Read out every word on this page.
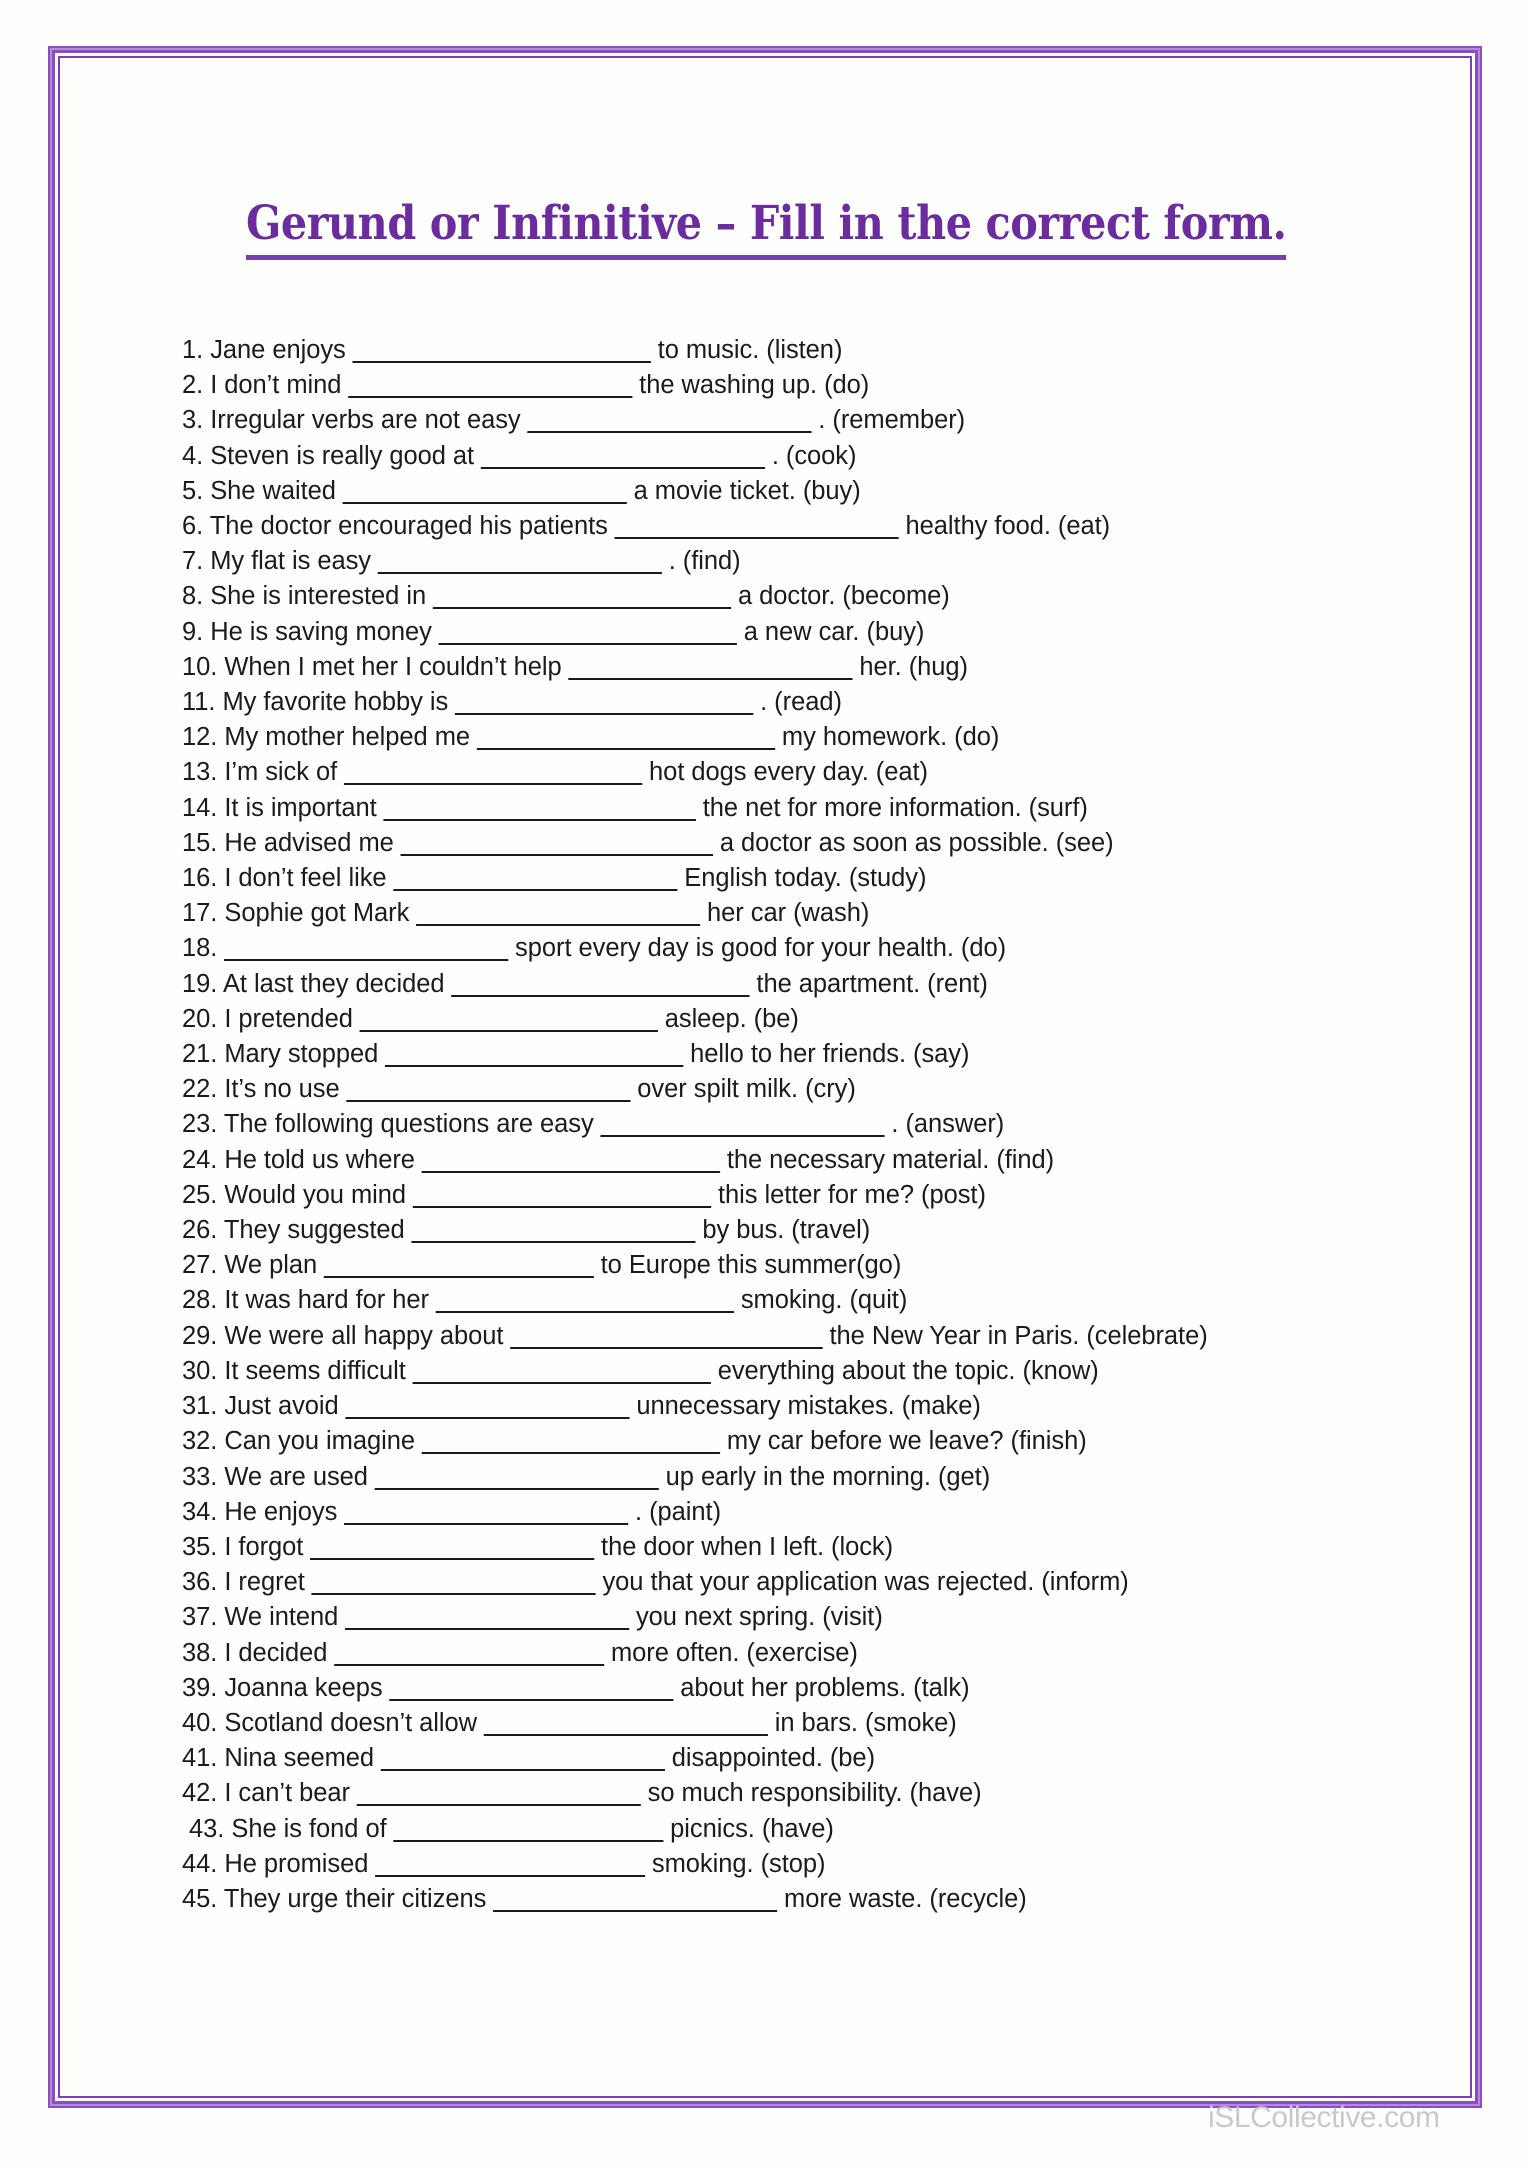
Gerund or Infinitive – Fill in the correct form.
1. Jane enjoys _____________________ to music. (listen)
2. I don’t mind ____________________ the washing up. (do)
3. Irregular verbs are not easy ____________________ . (remember)
4. Steven is really good at ____________________ . (cook)
5. She waited ____________________ a movie ticket. (buy)
6. The doctor encouraged his patients ____________________ healthy food. (eat)
7. My flat is easy ____________________ . (find)
8. She is interested in _____________________ a doctor. (become)
9. He is saving money _____________________ a new car. (buy)
10. When I met her I couldn’t help ____________________ her. (hug)
11. My favorite hobby is _____________________ . (read)
12. My mother helped me _____________________ my homework. (do)
13. I’m sick of _____________________ hot dogs every day. (eat)
14. It is important ______________________ the net for more information. (surf)
15. He advised me ______________________ a doctor as soon as possible. (see)
16. I don’t feel like ____________________ English today. (study)
17. Sophie got Mark ____________________ her car (wash)
18. ____________________ sport every day is good for your health. (do)
19. At last they decided _____________________ the apartment. (rent)
20. I pretended _____________________ asleep. (be)
21. Mary stopped _____________________ hello to her friends. (say)
22. It’s no use ____________________ over spilt milk. (cry)
23. The following questions are easy ____________________ . (answer)
24. He told us where _____________________ the necessary material. (find)
25. Would you mind _____________________ this letter for me? (post)
26. They suggested ____________________ by bus. (travel)
27. We plan ___________________ to Europe this summer(go)
28. It was hard for her _____________________ smoking. (quit)
29. We were all happy about ______________________ the New Year in Paris. (celebrate)
30. It seems difficult _____________________ everything about the topic. (know)
31. Just avoid ____________________ unnecessary mistakes. (make)
32. Can you imagine _____________________ my car before we leave? (finish)
33. We are used ____________________ up early in the morning. (get)
34. He enjoys ____________________ . (paint)
35. I forgot ____________________ the door when I left. (lock)
36. I regret ____________________ you that your application was rejected. (inform)
37. We intend ____________________ you next spring. (visit)
38. I decided ___________________ more often. (exercise)
39. Joanna keeps ____________________ about her problems. (talk)
40. Scotland doesn’t allow ____________________ in bars. (smoke)
41. Nina seemed ____________________ disappointed. (be)
42. I can’t bear ____________________ so much responsibility. (have)
43. She is fond of ___________________ picnics. (have)
44. He promised ___________________ smoking. (stop)
45. They urge their citizens ____________________ more waste. (recycle)
iSLCollective.com
